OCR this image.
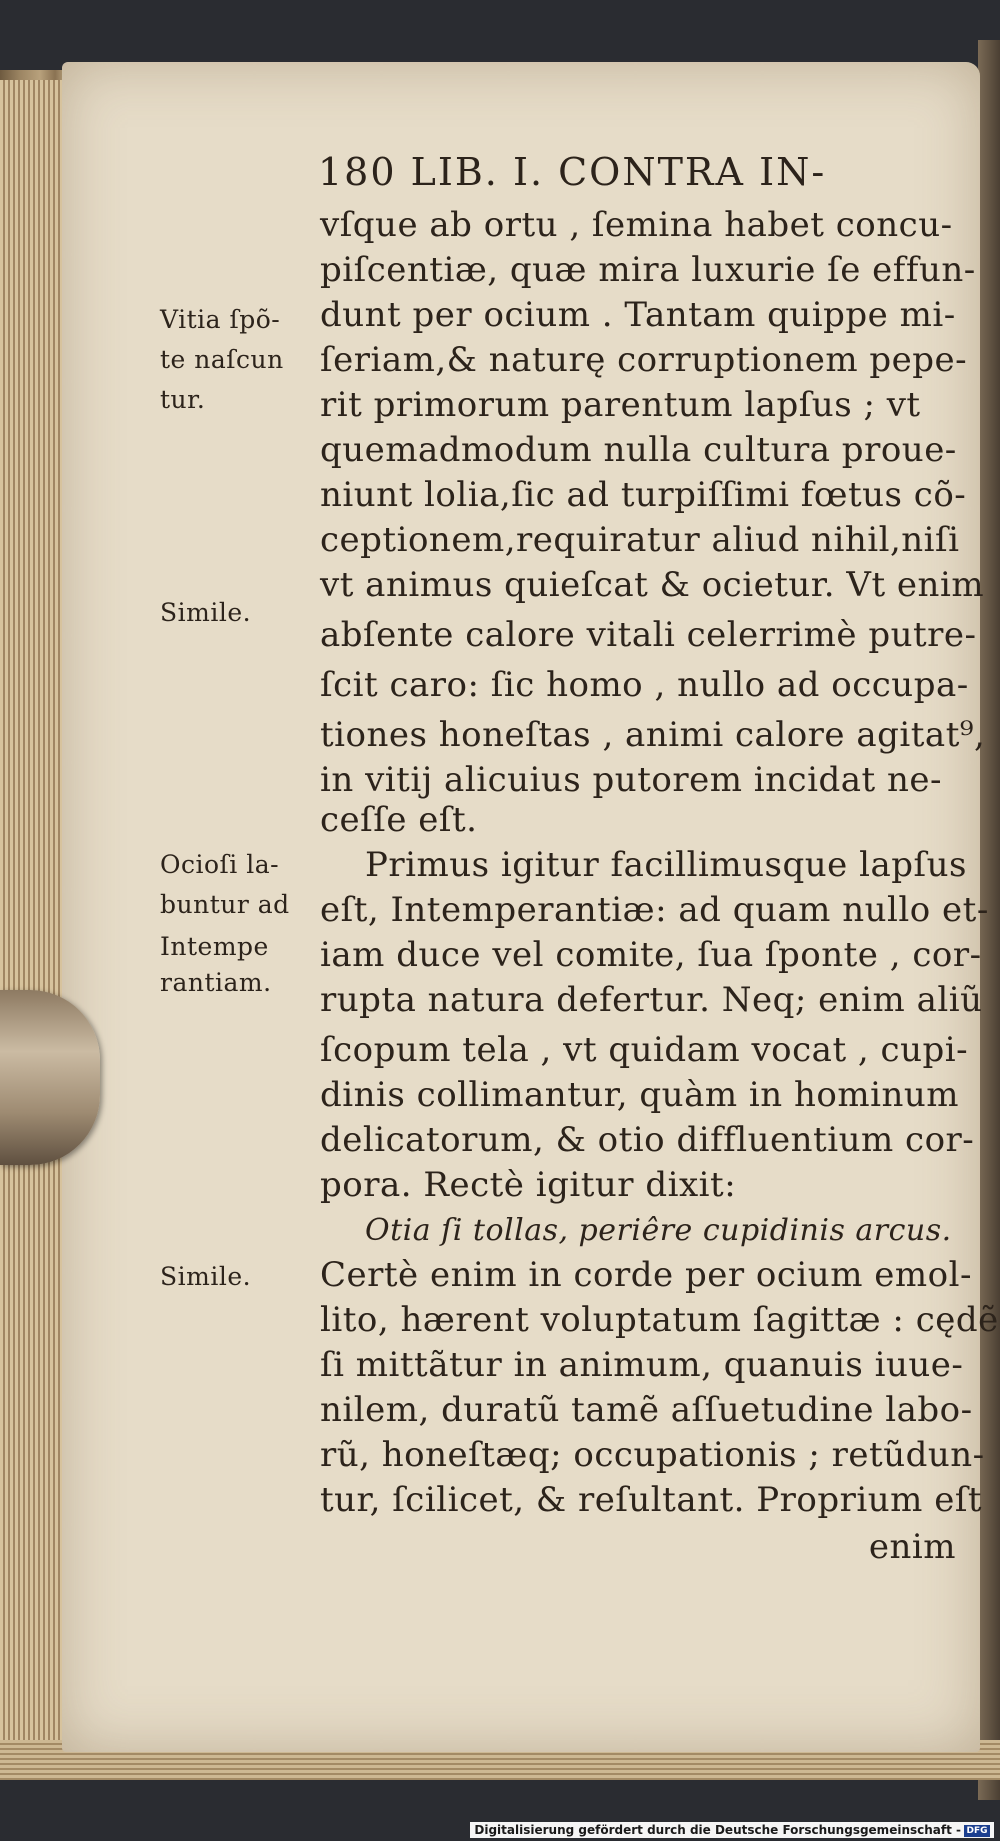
180 LIB. I. CONTRA IN-
vſque ab ortu , ſemina habet concu-
piſcentiæ, quæ mira luxurie ſe effun-
dunt per ocium . Tantam quippe mi-
ſeriam,& naturę corruptionem pepe-
rit primorum parentum lapſus ; vt
quemadmodum nulla cultura proue-
niunt lolia,ſic ad turpiſſimi fœtus cõ-
ceptionem,requiratur aliud nihil,niſi
vt animus quieſcat & ocietur. Vt enim
abſente calore vitali celerrimè putre-
ſcit caro: ſic homo , nullo ad occupa-
tiones honeſtas , animi calore agitat⁹,
in vitij alicuius putorem incidat ne-
ceſſe eſt.
Primus igitur facillimusque lapſus
eſt, Intemperantiæ: ad quam nullo et-
iam duce vel comite, ſua ſponte , cor-
rupta natura defertur. Neq; enim aliũ
ſcopum tela , vt quidam vocat , cupi-
dinis collimantur, quàm in hominum
delicatorum, & otio diffluentium cor-
pora. Rectè igitur dixit:
Otia ſi tollas, periêre cupidinis arcus.
Certè enim in corde per ocium emol-
lito, hærent voluptatum ſagittæ : cędẽ
ſi mittãtur in animum, quanuis iuue-
nilem, duratũ tamẽ aſſuetudine labo-
rũ, honeſtæq; occupationis ; retũdun-
tur, ſcilicet, & reſultant. Proprium eſt
enim
Vitia ſpõ-
te naſcun
tur.
Simile.
Ocioſi la-
buntur ad
Intempe
rantiam.
Simile.
Digitalisierung gefördert durch die Deutsche Forschungsgemeinschaft - DFG
